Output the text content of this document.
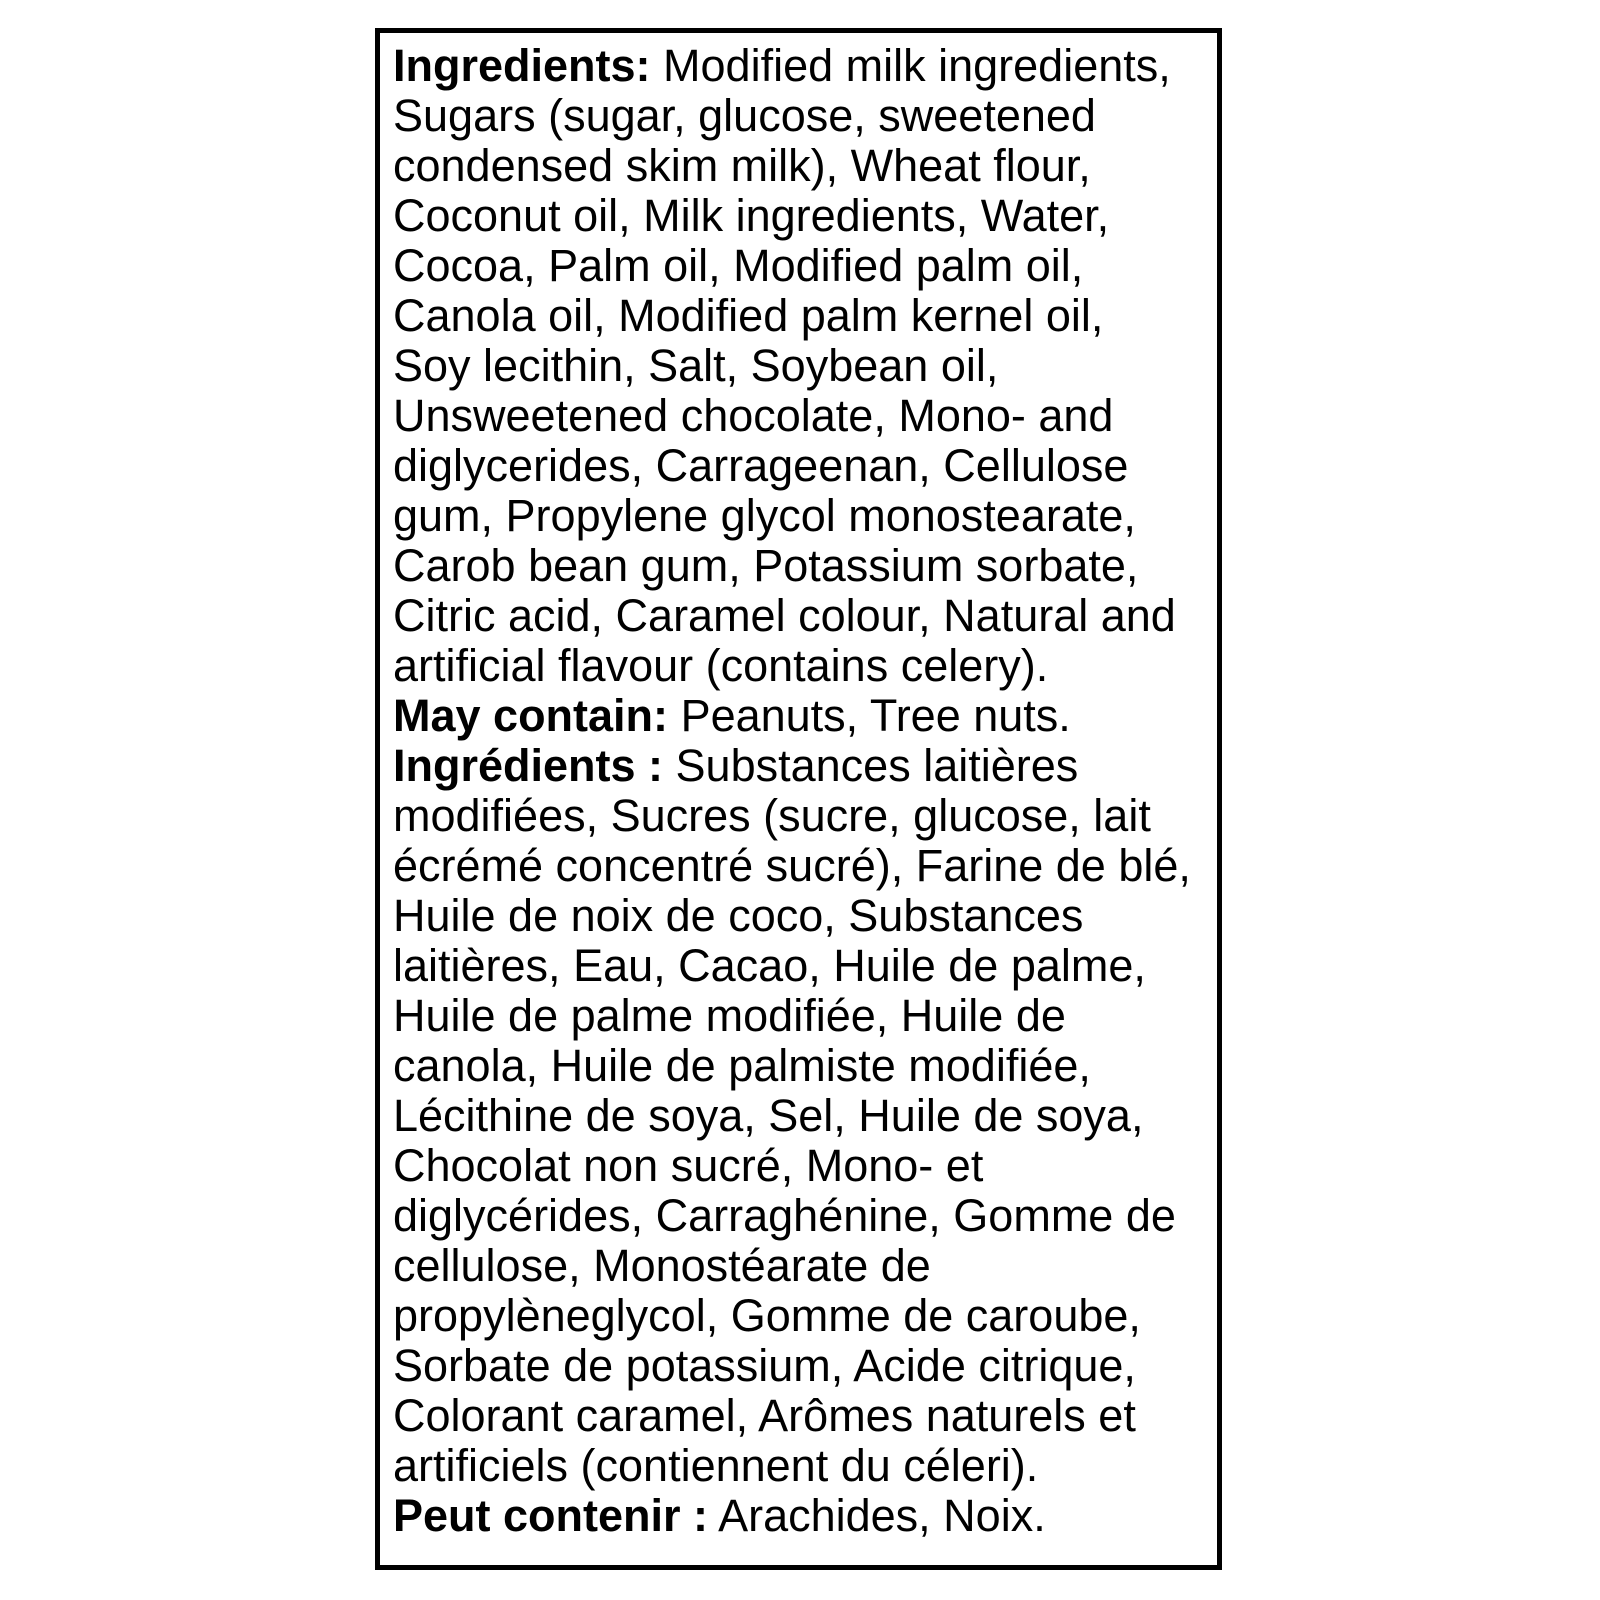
Ingredients: Modified milk ingredients,
Sugars (sugar, glucose, sweetened
condensed skim milk), Wheat flour,
Coconut oil, Milk ingredients, Water,
Cocoa, Palm oil, Modified palm oil,
Canola oil, Modified palm kernel oil,
Soy lecithin, Salt, Soybean oil,
Unsweetened chocolate, Mono- and
diglycerides, Carrageenan, Cellulose
gum, Propylene glycol monostearate,
Carob bean gum, Potassium sorbate,
Citric acid, Caramel colour, Natural and
artificial flavour (contains celery).

May contain: Peanuts, Tree nuts.

Ingrédients : Substances laitières
modifiées, Sucres (sucre, glucose, lait
écrémé concentré sucré), Farine de blé,
Huile de noix de coco, Substances
laitières, Eau, Cacao, Huile de palme,
Huile de palme modifiée, Huile de
canola, Huile de palmiste modifiée,
Lécithine de soya, Sel, Huile de soya,
Chocolat non sucré, Mono- et
diglycérides, Carraghénine, Gomme de
cellulose, Monostéarate de
propylèneglycol, Gomme de caroube,
Sorbate de potassium, Acide citrique,
Colorant caramel, Arômes naturels et
artificiels (contiennent du céleri).

Peut contenir : Arachides, Noix.
